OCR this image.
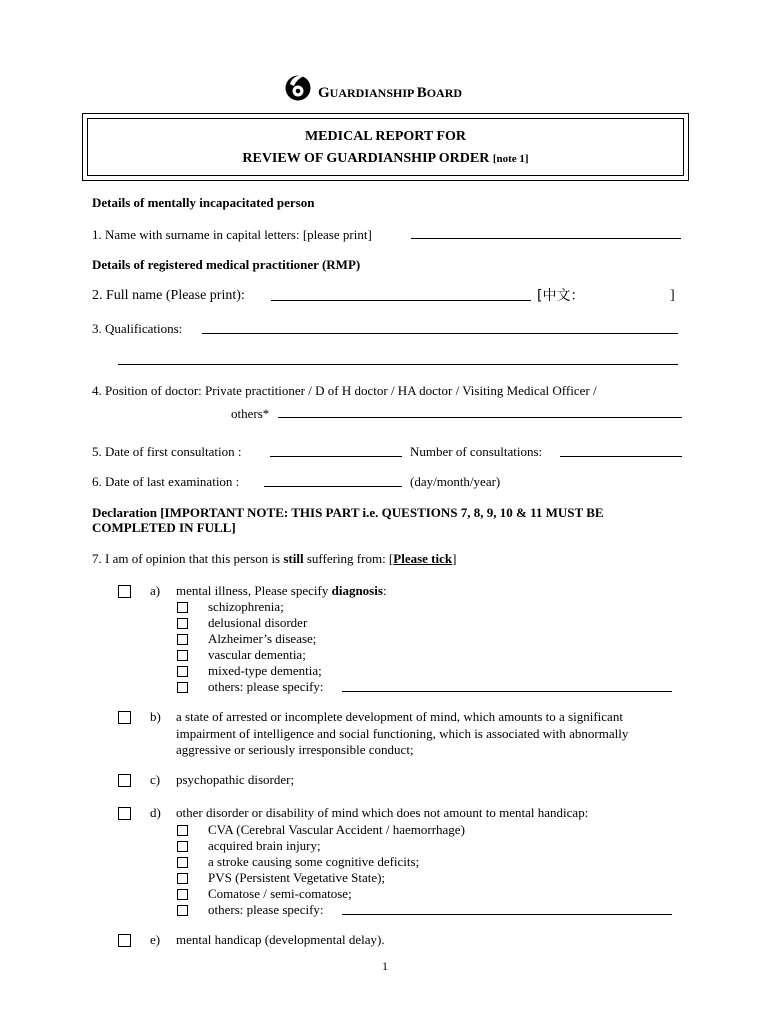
GUARDIANSHIP BOARD
MEDICAL REPORT FOR
REVIEW OF GUARDIANSHIP ORDER [note 1]
Details of mentally incapacitated person
1. Name with surname in capital letters: [please print]
Details of registered medical practitioner (RMP)
2. Full name (Please print):	[中文：	]
3. Qualifications:
4. Position of doctor: Private practitioner / D of H doctor / HA doctor / Visiting Medical Officer /
others*
5. Date of first consultation :	Number of consultations:
6. Date of last examination :	(day/month/year)
Declaration [IMPORTANT NOTE: THIS PART i.e. QUESTIONS 7, 8, 9, 10 & 11 MUST BE
COMPLETED IN FULL]
7. I am of opinion that this person is still suffering from: [Please tick]
a) mental illness, Please specify diagnosis:
schizophrenia;
delusional disorder
Alzheimer’s disease;
vascular dementia;
mixed-type dementia;
others: please specify:
b) a state of arrested or incomplete development of mind, which amounts to a significant
impairment of intelligence and social functioning, which is associated with abnormally
aggressive or seriously irresponsible conduct;
c) psychopathic disorder;
d) other disorder or disability of mind which does not amount to mental handicap:
CVA (Cerebral Vascular Accident / haemorrhage)
acquired brain injury;
a stroke causing some cognitive deficits;
PVS (Persistent Vegetative State);
Comatose / semi-comatose;
others: please specify:
e) mental handicap (developmental delay).
1
